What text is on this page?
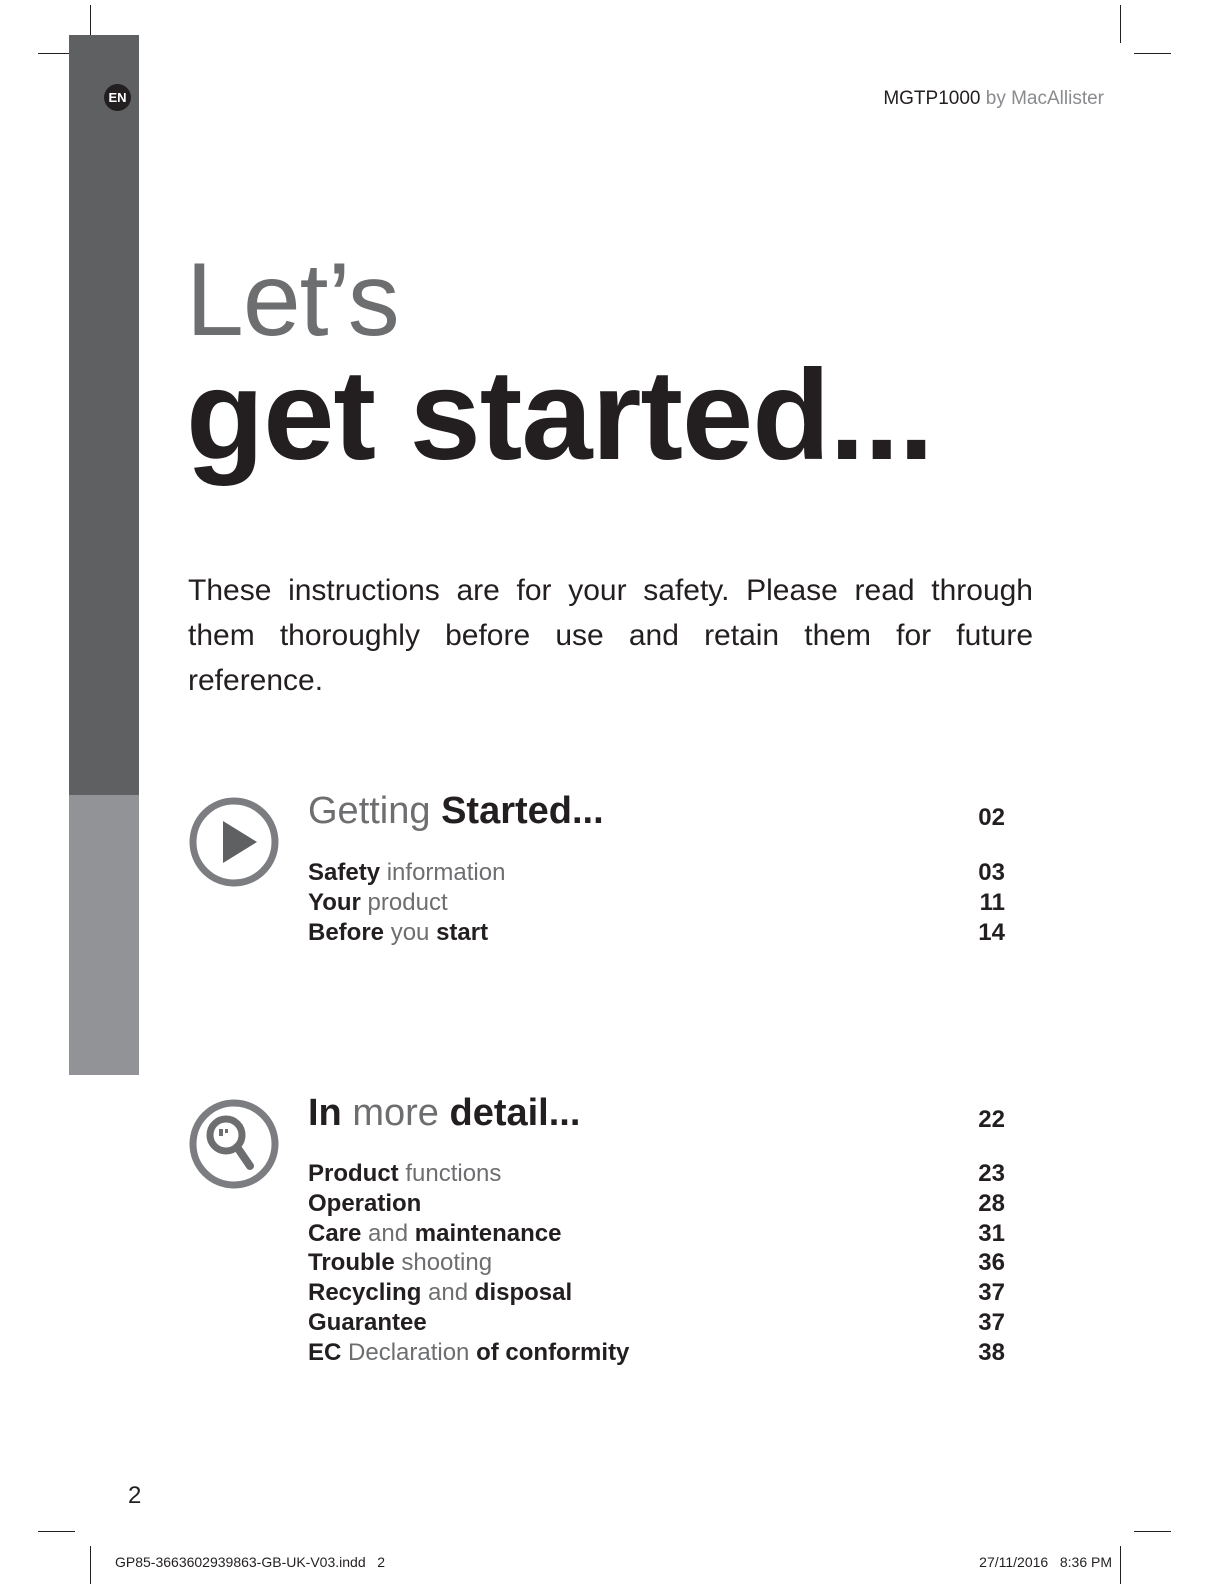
EN	MGTP1000 by MacAllister
Let’s
get started...
These instructions are for your safety. Please read through them thoroughly before use and retain them for future reference.
Getting Started...	02
Safety information	03
Your product	11
Before you start	14
In more detail...	22
Product functions	23
Operation	28
Care and maintenance	31
Trouble shooting	36
Recycling and disposal	37
Guarantee	37
EC Declaration of conformity	38
2
GP85-3663602939863-GB-UK-V03.indd   2	27/11/2016   8:36 PM
